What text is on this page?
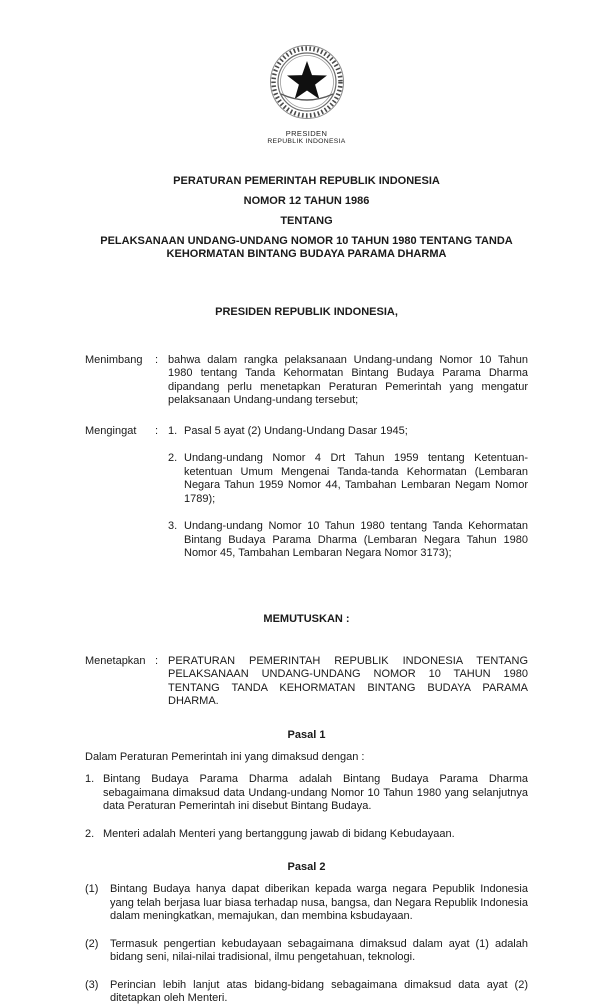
PRESIDEN
REPUBLIK INDONESIA
PERATURAN PEMERINTAH REPUBLIK INDONESIA
NOMOR 12 TAHUN 1986
TENTANG
PELAKSANAAN UNDANG-UNDANG NOMOR 10 TAHUN 1980 TENTANG TANDA KEHORMATAN BINTANG BUDAYA PARAMA DHARMA
PRESIDEN REPUBLIK INDONESIA,
Menimbang	: bahwa dalam rangka pelaksanaan Undang-undang Nomor 10 Tahun 1980 tentang Tanda Kehormatan Bintang Budaya Parama Dharma dipandang perlu menetapkan Peraturan Pemerintah yang mengatur pelaksanaan Undang-undang tersebut;
Mengingat	: 1. Pasal 5 ayat (2) Undang-Undang Dasar 1945;
2. Undang-undang Nomor 4 Drt Tahun 1959 tentang Ketentuan-ketentuan Umum Mengenai Tanda-tanda Kehormatan (Lembaran Negara Tahun 1959 Nomor 44, Tambahan Lembaran Negam Nomor 1789);
3. Undang-undang Nomor 10 Tahun 1980 tentang Tanda Kehormatan Bintang Budaya Parama Dharma (Lembaran Negara Tahun 1980 Nomor 45, Tambahan Lembaran Negara Nomor 3173);
MEMUTUSKAN :
Menetapkan : PERATURAN PEMERINTAH REPUBLIK INDONESIA TENTANG PELAKSANAAN UNDANG-UNDANG NOMOR 10 TAHUN 1980 TENTANG TANDA KEHORMATAN BINTANG BUDAYA PARAMA DHARMA.
Pasal 1
Dalam Peraturan Pemerintah ini yang dimaksud dengan :
1. Bintang Budaya Parama Dharma adalah Bintang Budaya Parama Dharma sebagaimana dimaksud data Undang-undang Nomor 10 Tahun 1980 yang selanjutnya data Peraturan Pemerintah ini disebut Bintang Budaya.
2. Menteri adalah Menteri yang bertanggung jawab di bidang Kebudayaan.
Pasal 2
(1)	Bintang Budaya hanya dapat diberikan kepada warga negara Pepublik Indonesia yang telah berjasa luar biasa terhadap nusa, bangsa, dan Negara Republik Indonesia dalam meningkatkan, memajukan, dan membina ksbudayaan.
(2)	Termasuk pengertian kebudayaan sebagaimana dimaksud dalam ayat (1) adalah bidang seni, nilai-nilai tradisional, ilmu pengetahuan, teknologi.
(3)	Perincian lebih lanjut atas bidang-bidang sebagaimana dimaksud data ayat (2) ditetapkan oleh Menteri.
